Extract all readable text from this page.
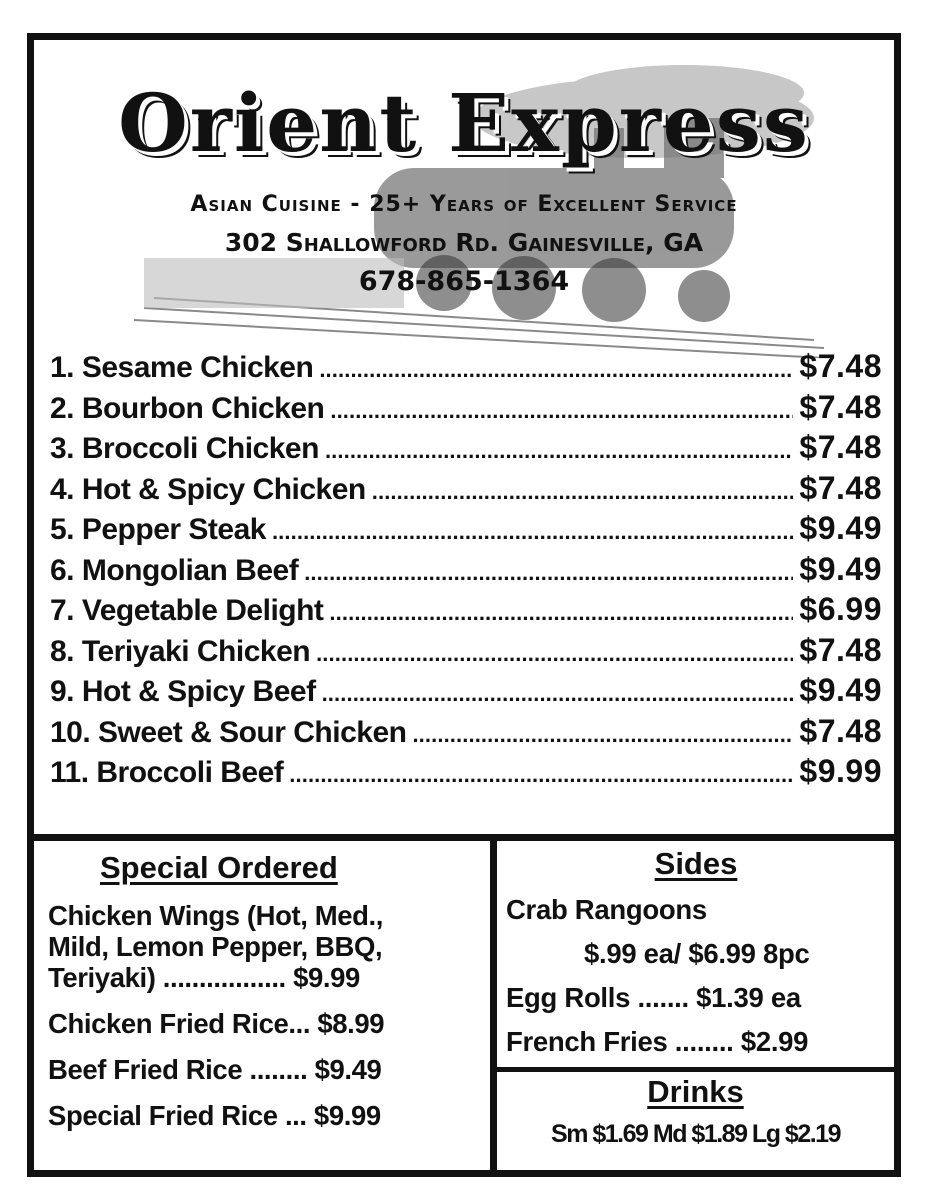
Orient Express
Asian Cuisine - 25+ Years of Excellent Service
302 Shallowford Rd. Gainesville, GA
678-865-1364
1. Sesame Chicken . . .	$7.48
2. Bourbon Chicken . . .	$7.48
3. Broccoli Chicken . . .	$7.48
4. Hot & Spicy Chicken . . .	$7.48
5. Pepper Steak . . .	$9.49
6. Mongolian Beef . . .	$9.49
7. Vegetable Delight . . .	$6.99
8. Teriyaki Chicken . . .	$7.48
9. Hot & Spicy Beef . . .	$9.49
10. Sweet & Sour Chicken . . .	$7.48
11. Broccoli Beef . . .	$9.99
Special Ordered
Chicken Wings (Hot, Med.,
Mild, Lemon Pepper, BBQ,
Teriyaki) ................. $9.99
Chicken Fried Rice... $8.99
Beef Fried Rice ........ $9.49
Special Fried Rice ... $9.99
Sides
Crab Rangoons
$.99 ea/ $6.99 8pc
Egg Rolls ....... $1.39 ea
French Fries ........ $2.99
Drinks
Sm $1.69 Md $1.89 Lg $2.19
